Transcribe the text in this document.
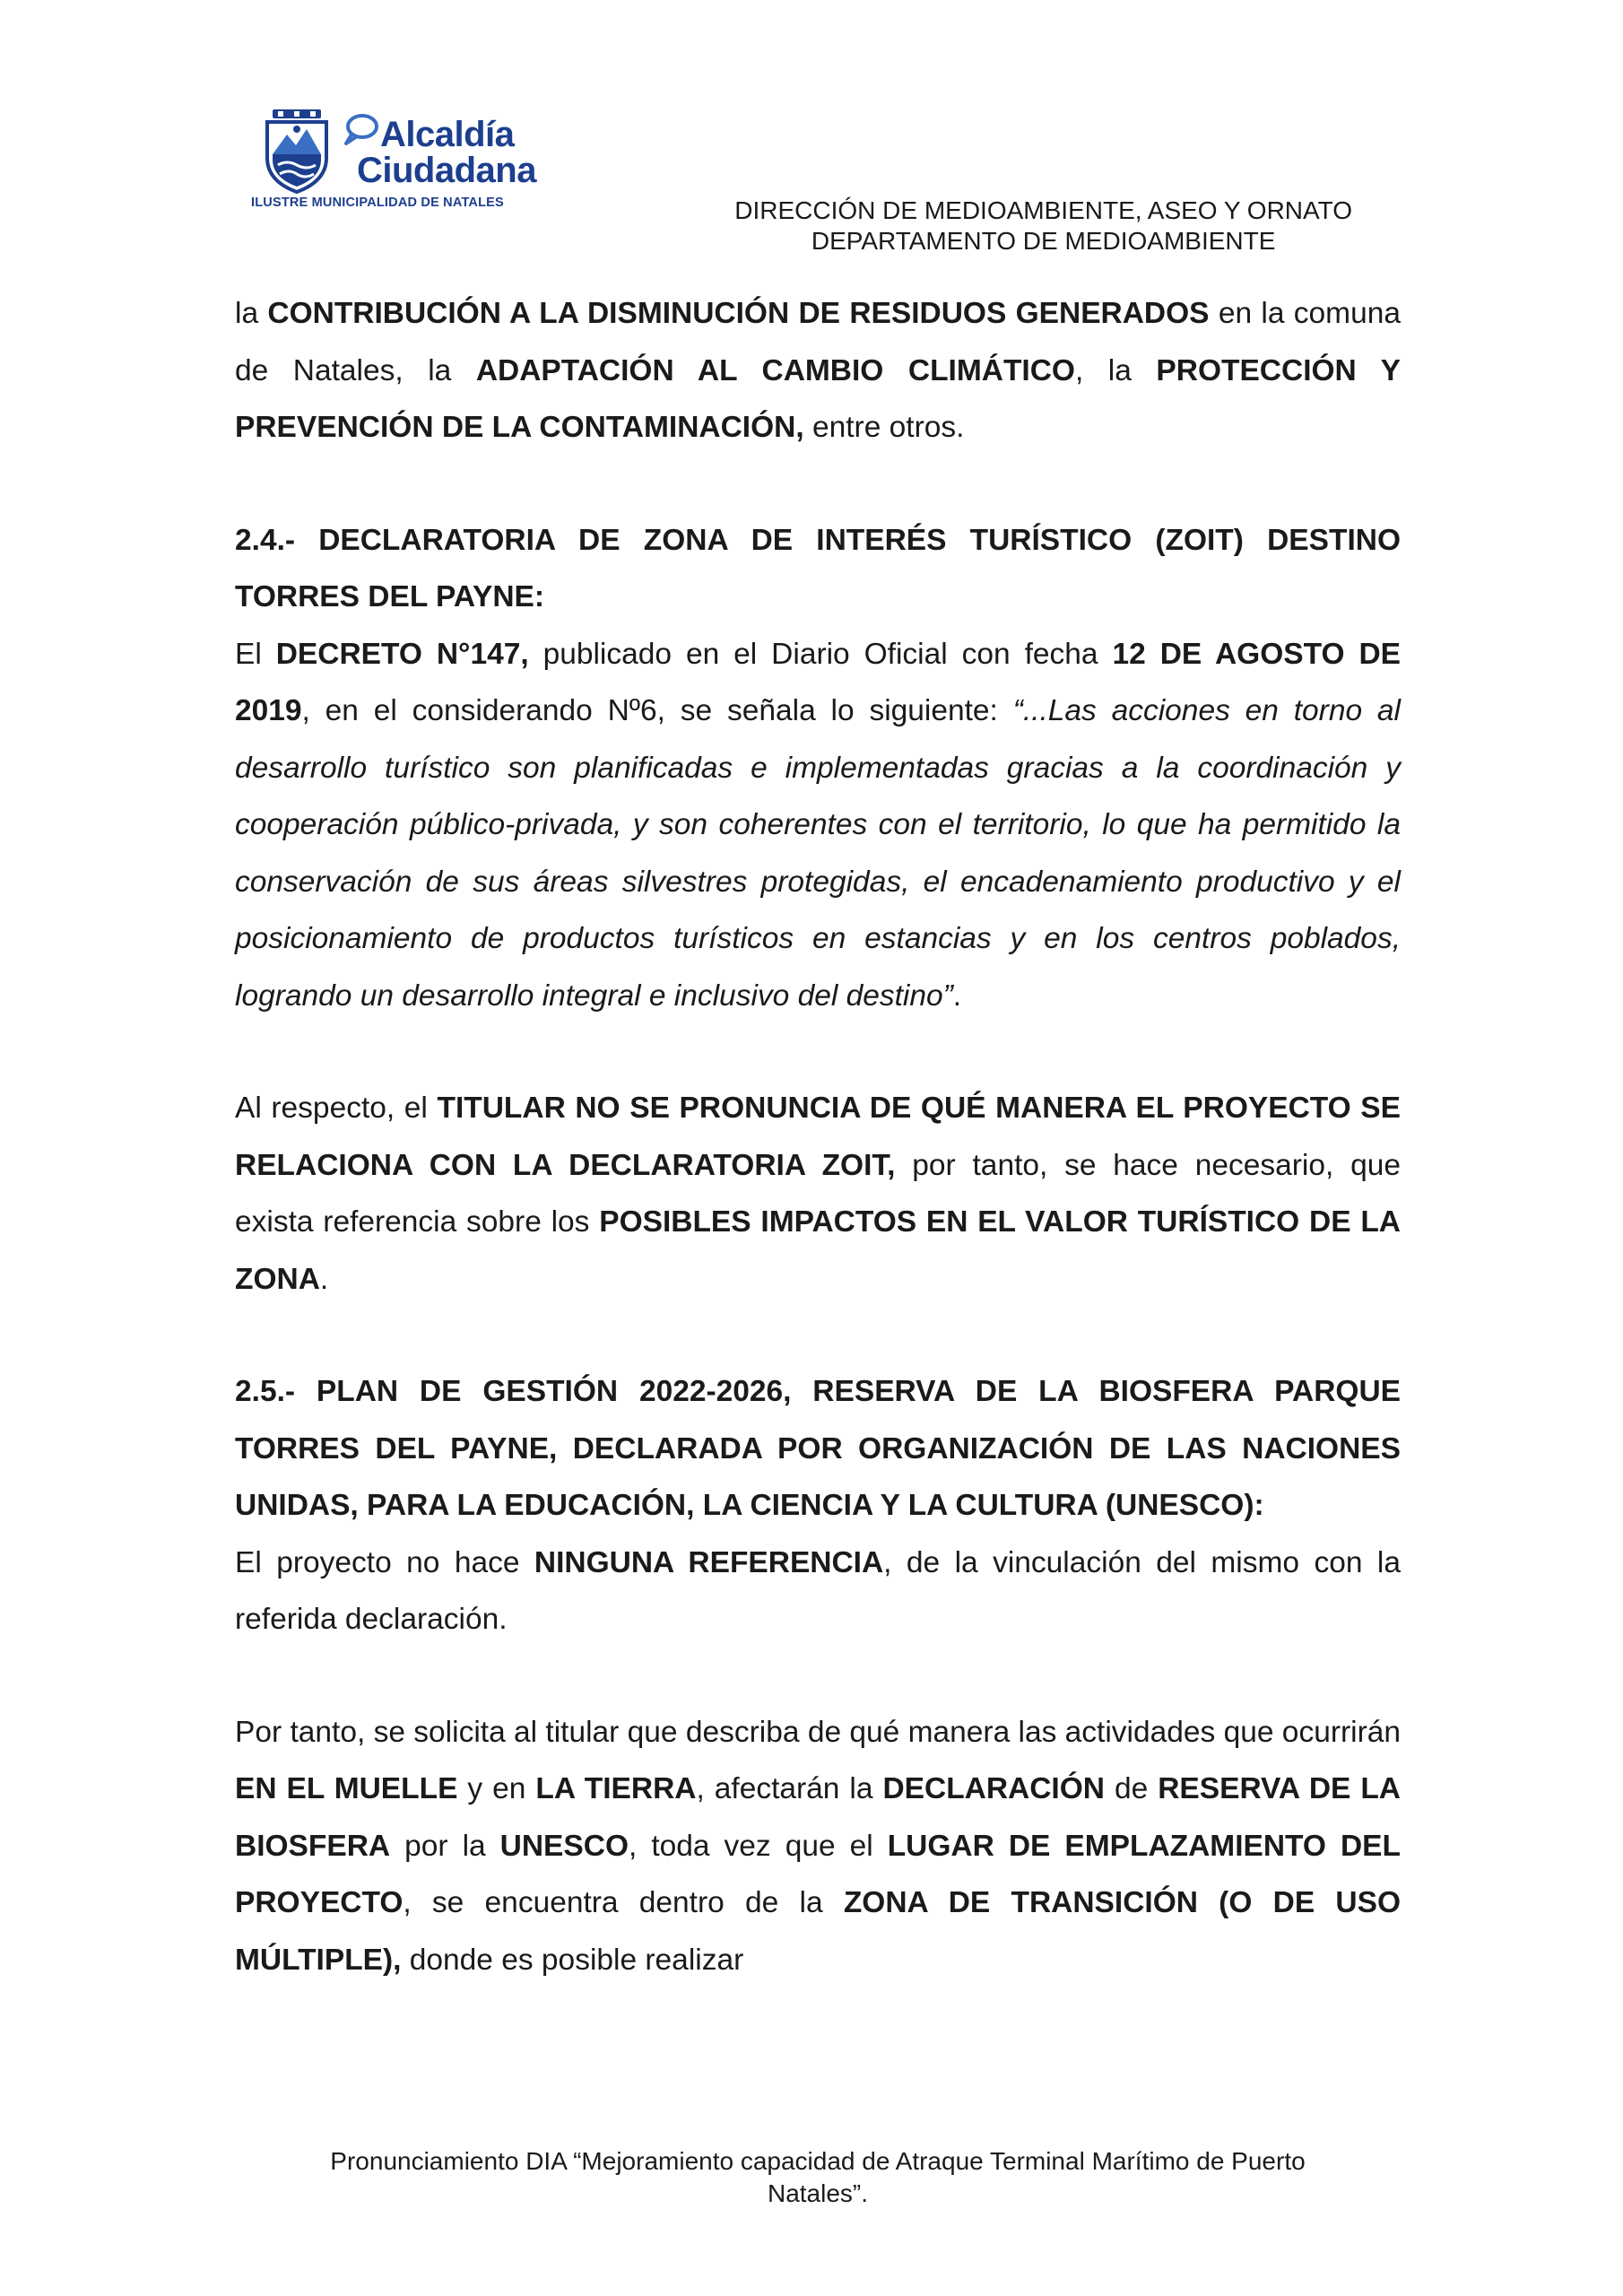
Alcaldía
Ciudadana
ILUSTRE MUNICIPALIDAD DE NATALES	DIRECCIÓN DE MEDIOAMBIENTE, ASEO Y ORNATO
DEPARTAMENTO DE MEDIOAMBIENTE

la CONTRIBUCIÓN A LA DISMINUCIÓN DE RESIDUOS GENERADOS en la comuna de Natales, la ADAPTACIÓN AL CAMBIO CLIMÁTICO, la PROTECCIÓN Y PREVENCIÓN DE LA CONTAMINACIÓN, entre otros.

2.4.- DECLARATORIA DE ZONA DE INTERÉS TURÍSTICO (ZOIT) DESTINO TORRES DEL PAYNE:

El DECRETO N°147, publicado en el Diario Oficial con fecha 12 DE AGOSTO DE 2019, en el considerando Nº6, se señala lo siguiente: “...Las acciones en torno al desarrollo turístico son planificadas e implementadas gracias a la coordinación y cooperación público-privada, y son coherentes con el territorio, lo que ha permitido la conservación de sus áreas silvestres protegidas, el encadenamiento productivo y el posicionamiento de productos turísticos en estancias y en los centros poblados, logrando un desarrollo integral e inclusivo del destino”.

Al respecto, el TITULAR NO SE PRONUNCIA DE QUÉ MANERA EL PROYECTO SE RELACIONA CON LA DECLARATORIA ZOIT, por tanto, se hace necesario, que exista referencia sobre los POSIBLES IMPACTOS EN EL VALOR TURÍSTICO DE LA ZONA.

2.5.- PLAN DE GESTIÓN 2022-2026, RESERVA DE LA BIOSFERA PARQUE TORRES DEL PAYNE, DECLARADA POR ORGANIZACIÓN DE LAS NACIONES UNIDAS, PARA LA EDUCACIÓN, LA CIENCIA Y LA CULTURA (UNESCO):

El proyecto no hace NINGUNA REFERENCIA, de la vinculación del mismo con la referida declaración.

Por tanto, se solicita al titular que describa de qué manera las actividades que ocurrirán EN EL MUELLE y en LA TIERRA, afectarán la DECLARACIÓN de RESERVA DE LA BIOSFERA por la UNESCO, toda vez que el LUGAR DE EMPLAZAMIENTO DEL PROYECTO, se encuentra dentro de la ZONA DE TRANSICIÓN (O DE USO MÚLTIPLE), donde es posible realizar

Pronunciamiento DIA “Mejoramiento capacidad de Atraque Terminal Marítimo de Puerto
Natales”.
